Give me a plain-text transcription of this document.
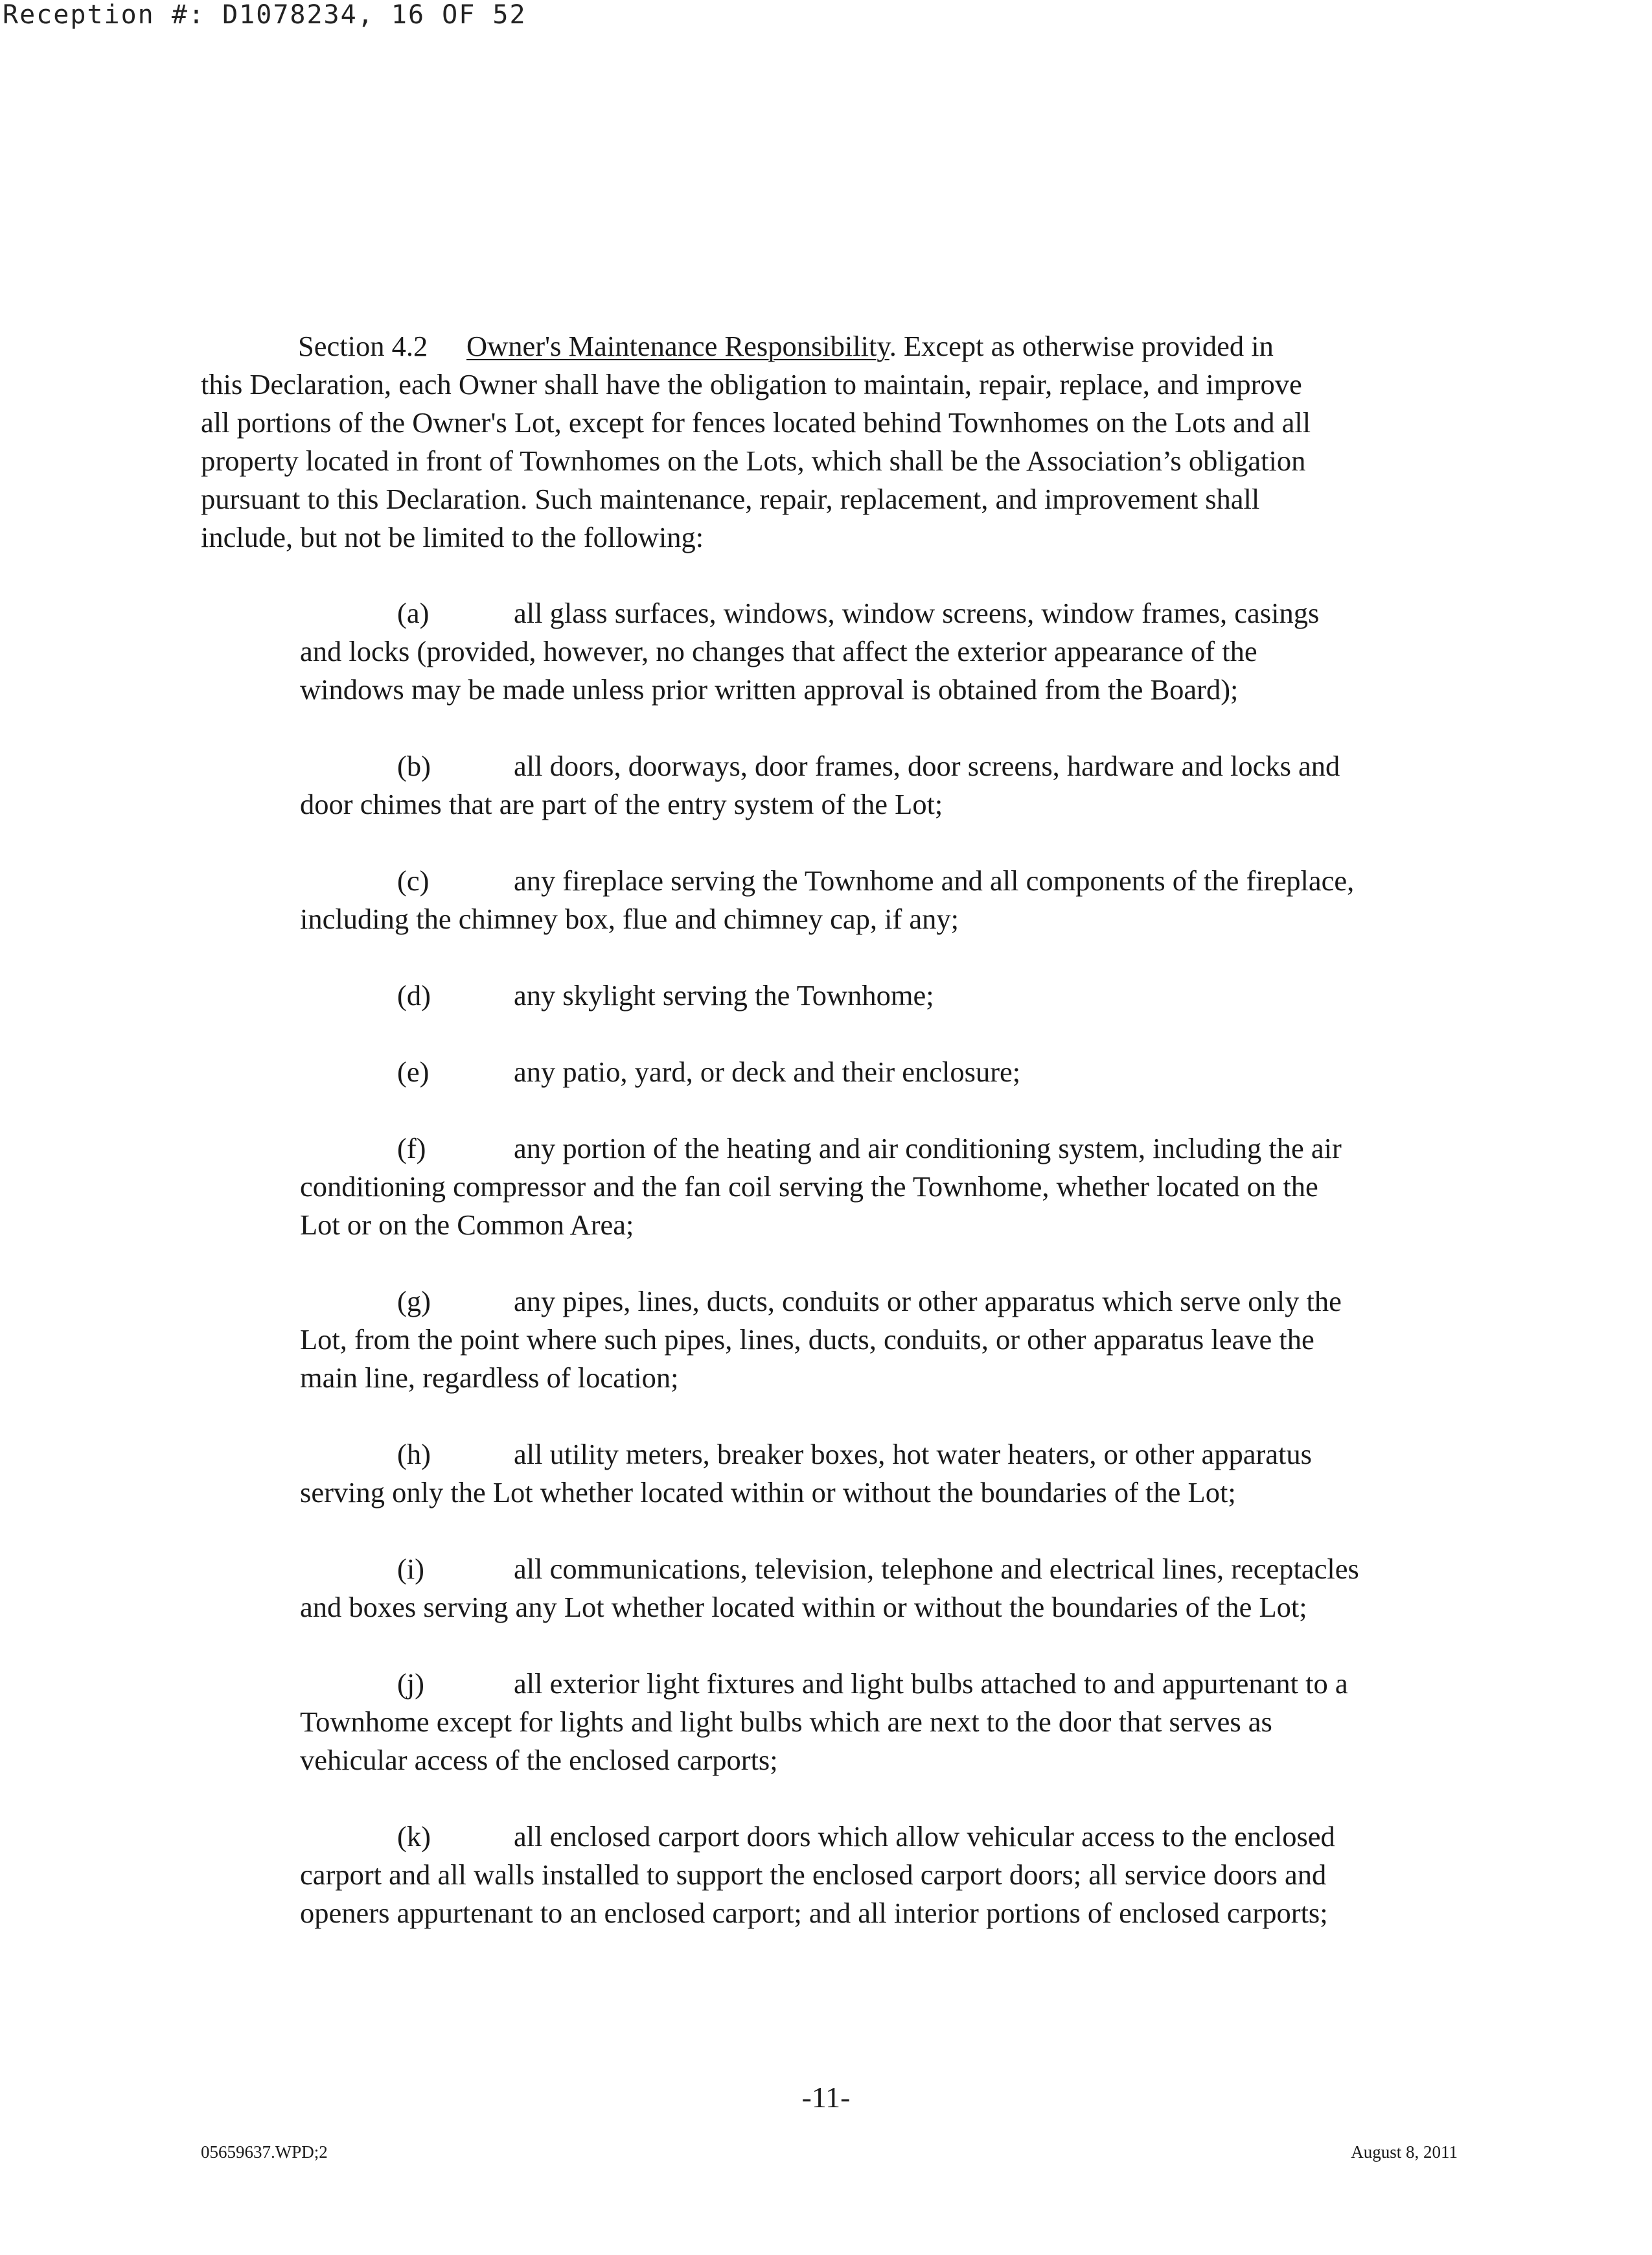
Reception #: D1078234, 16 OF 52
Section 4.2 Owner's Maintenance Responsibility. Except as otherwise provided in
this Declaration, each Owner shall have the obligation to maintain, repair, replace, and improve
all portions of the Owner's Lot, except for fences located behind Townhomes on the Lots and all
property located in front of Townhomes on the Lots, which shall be the Association’s obligation
pursuant to this Declaration. Such maintenance, repair, replacement, and improvement shall
include, but not be limited to the following:
(a)	all glass surfaces, windows, window screens, window frames, casings
and locks (provided, however, no changes that affect the exterior appearance of the
windows may be made unless prior written approval is obtained from the Board);
(b)	all doors, doorways, door frames, door screens, hardware and locks and
door chimes that are part of the entry system of the Lot;
(c)	any fireplace serving the Townhome and all components of the fireplace,
including the chimney box, flue and chimney cap, if any;
(d)	any skylight serving the Townhome;
(e)	any patio, yard, or deck and their enclosure;
(f)	any portion of the heating and air conditioning system, including the air
conditioning compressor and the fan coil serving the Townhome, whether located on the
Lot or on the Common Area;
(g)	any pipes, lines, ducts, conduits or other apparatus which serve only the
Lot, from the point where such pipes, lines, ducts, conduits, or other apparatus leave the
main line, regardless of location;
(h)	all utility meters, breaker boxes, hot water heaters, or other apparatus
serving only the Lot whether located within or without the boundaries of the Lot;
(i)	all communications, television, telephone and electrical lines, receptacles
and boxes serving any Lot whether located within or without the boundaries of the Lot;
(j)	all exterior light fixtures and light bulbs attached to and appurtenant to a
Townhome except for lights and light bulbs which are next to the door that serves as
vehicular access of the enclosed carports;
(k)	all enclosed carport doors which allow vehicular access to the enclosed
carport and all walls installed to support the enclosed carport doors; all service doors and
openers appurtenant to an enclosed carport; and all interior portions of enclosed carports;
-11-
05659637.WPD;2	August 8, 2011
